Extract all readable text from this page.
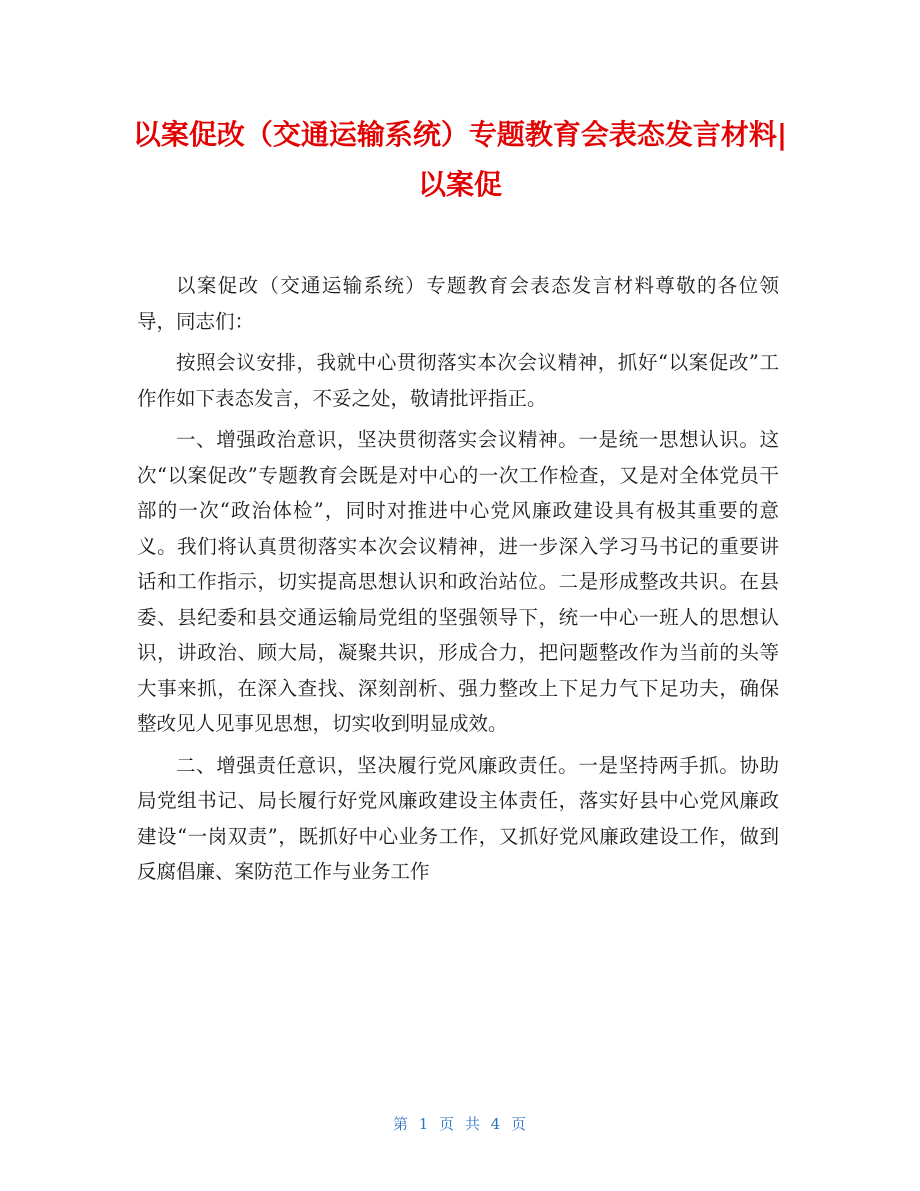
以案促改（交通运输系统）专题教育会表态发言材料|以案促

以案促改（交通运输系统）专题教育会表态发言材料尊敬的各位领导，同志们：

按照会议安排，我就中心贯彻落实本次会议精神，抓好“以案促改”工作作如下表态发言，不妥之处，敬请批评指正。

一、增强政治意识，坚决贯彻落实会议精神。一是统一思想认识。这次“以案促改”专题教育会既是对中心的一次工作检查，又是对全体党员干部的一次“政治体检”，同时对推进中心党风廉政建设具有极其重要的意义。我们将认真贯彻落实本次会议精神，进一步深入学习马书记的重要讲话和工作指示，切实提高思想认识和政治站位。二是形成整改共识。在县委、县纪委和县交通运输局党组的坚强领导下，统一中心一班人的思想认识，讲政治、顾大局，凝聚共识，形成合力，把问题整改作为当前的头等大事来抓，在深入查找、深刻剖析、强力整改上下足力气下足功夫，确保整改见人见事见思想，切实收到明显成效。

二、增强责任意识，坚决履行党风廉政责任。一是坚持两手抓。协助局党组书记、局长履行好党风廉政建设主体责任，落实好县中心党风廉政建设“一岗双责”，既抓好中心业务工作，又抓好党风廉政建设工作，做到反腐倡廉、案防范工作与业务工作

第 1 页 共 4 页
